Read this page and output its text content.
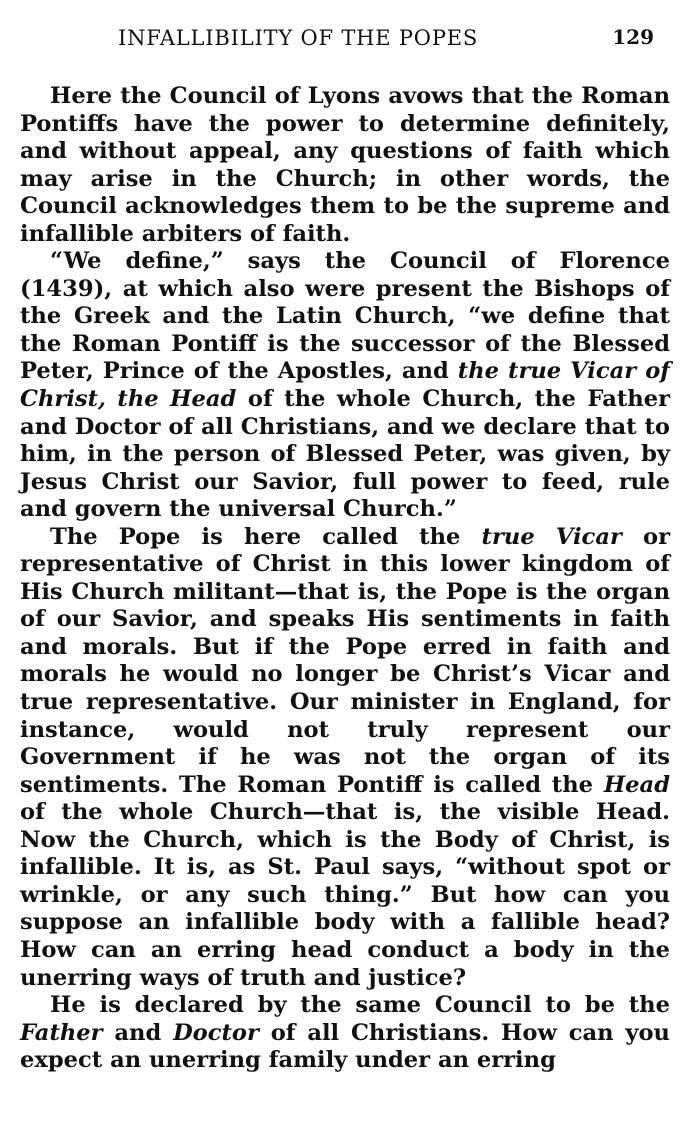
INFALLIBILITY OF THE POPES	129

Here the Council of Lyons avows that the Roman Pontiffs have the power to determine definitely, and without appeal, any questions of faith which may arise in the Church; in other words, the Council acknowledges them to be the supreme and infallible arbiters of faith.

“We define,” says the Council of Florence (1439), at which also were present the Bishops of the Greek and the Latin Church, “we define that the Roman Pontiff is the successor of the Blessed Peter, Prince of the Apostles, and the true Vicar of Christ, the Head of the whole Church, the Father and Doctor of all Christians, and we declare that to him, in the person of Blessed Peter, was given, by Jesus Christ our Savior, full power to feed, rule and govern the universal Church.”

The Pope is here called the true Vicar or representative of Christ in this lower kingdom of His Church militant—that is, the Pope is the organ of our Savior, and speaks His sentiments in faith and morals. But if the Pope erred in faith and morals he would no longer be Christ’s Vicar and true representative. Our minister in England, for instance, would not truly represent our Government if he was not the organ of its sentiments. The Roman Pontiff is called the Head of the whole Church—that is, the visible Head. Now the Church, which is the Body of Christ, is infallible. It is, as St. Paul says, “without spot or wrinkle, or any such thing.” But how can you suppose an infallible body with a fallible head? How can an erring head conduct a body in the unerring ways of truth and justice?

He is declared by the same Council to be the Father and Doctor of all Christians. How can you expect an unerring family under an erring
